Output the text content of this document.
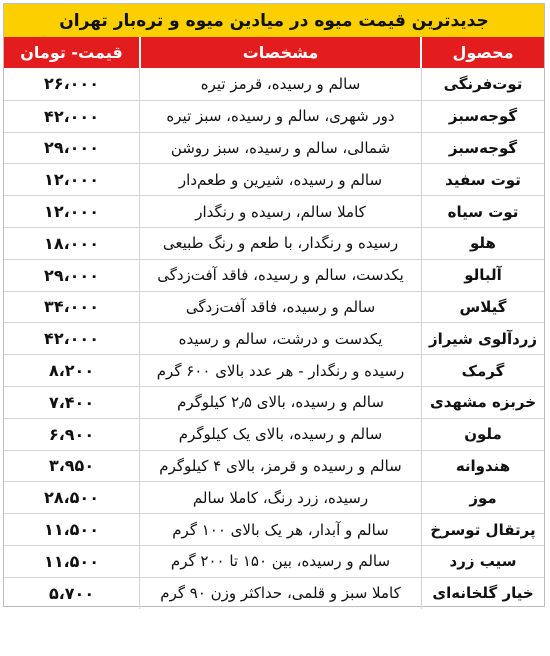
جدیدترین قیمت میوه در میادین میوه و تره‌بار تهران
محصول
مشخصات
قیمت- تومان
توت‌فرنگی
سالم و رسیده، قرمز تیره
۲۶،۰۰۰
گوجه‌سبز
دور شهری، سالم و رسیده، سبز تیره
۴۲،۰۰۰
گوجه‌سبز
شمالی، سالم و رسیده، سبز روشن
۲۹،۰۰۰
توت سفید
سالم و رسیده، شیرین و طعم‌دار
۱۲،۰۰۰
توت سیاه
کاملا سالم، رسیده و رنگدار
۱۲،۰۰۰
هلو
رسیده و رنگدار، با طعم و رنگ طبیعی
۱۸،۰۰۰
آلبالو
یکدست، سالم و رسیده، فاقد آفت‌زدگی
۲۹،۰۰۰
گیلاس
سالم و رسیده، فاقد آفت‌زدگی
۳۴،۰۰۰
زردآلوی شیراز
یکدست و درشت، سالم و رسیده
۴۲،۰۰۰
گرمک
رسیده و رنگدار - هر عدد بالای ۶۰۰ گرم
۸،۲۰۰
خربزه مشهدی
سالم و رسیده، بالای ۲٫۵ کیلوگرم
۷،۴۰۰
ملون
سالم و رسیده، بالای یک کیلوگرم
۶،۹۰۰
هندوانه
سالم و رسیده و قرمز، بالای ۴ کیلوگرم
۳،۹۵۰
موز
رسیده، زرد رنگ، کاملا سالم
۲۸،۵۰۰
پرتقال توسرخ
سالم و آبدار، هر یک بالای ۱۰۰ گرم
۱۱،۵۰۰
سیب زرد
سالم و رسیده، بین ۱۵۰ تا ۲۰۰ گرم
۱۱،۵۰۰
خیار گلخانه‌ای
کاملا سبز و قلمی، حداکثر وزن ۹۰ گرم
۵،۷۰۰
